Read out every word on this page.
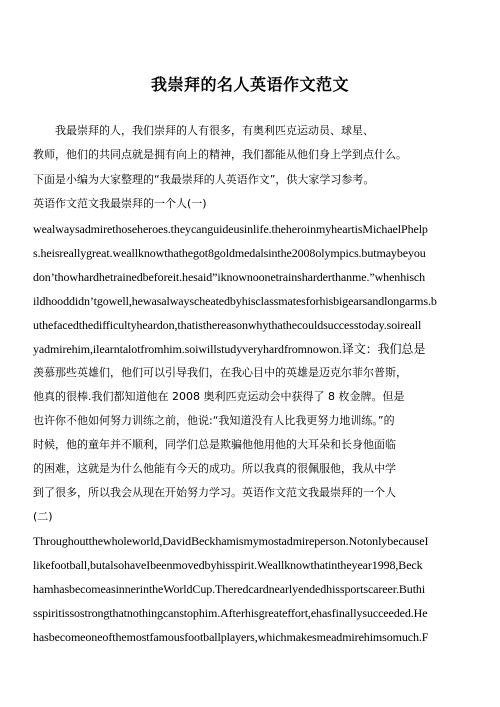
我崇拜的名人英语作文范文
　　我最崇拜的人，我们崇拜的人有很多，有奥利匹克运动员、球星、
教师，他们的共同点就是拥有向上的精神，我们都能从他们身上学到点什么。
下面是小编为大家整理的“我最崇拜的人英语作文”，供大家学习参考。
英语作文范文我最崇拜的一个人(一)
wealwaysadmirethoseheroes.theycanguideusinlife.theheroinmyheartisMichaelPhelp
s.heisreallygreat.weallknowthathegot8goldmedalsinthe2008olympics.butmaybeyou
don’thowhardhetrainedbeforeit.hesaid”iknownoonetrainsharderthanme.”whenhisch
ildhooddidn’tgowell,hewasalwayscheatedbyhisclassmatesforhisbigearsandlongarms.b
uthefacedthedifficultyheardon,thatisthereasonwhythathecouldsuccesstoday.soireall
yadmirehim,ilearntalotfromhim.soiwillstudyveryhardfromnowon.译文：我们总是
羡慕那些英雄们，他们可以引导我们，在我心目中的英雄是迈克尔菲尔普斯，
他真的很棒.我们都知道他在 2008 奥利匹克运动会中获得了 8 枚金牌。但是
也许你不他如何努力训练之前，他说:“我知道没有人比我更努力地训练。”的
时候，他的童年并不顺利，同学们总是欺骗他他用他的大耳朵和长身他面临
的困难，这就是为什么他能有今天的成功。所以我真的很佩服他，我从中学
到了很多，所以我会从现在开始努力学习。英语作文范文我最崇拜的一个人
(二)
Throughoutthewholeworld,DavidBeckhamismymostadmireperson.NotonlybecauseI
likefootball,butalsohaveIbeenmovedbyhisspirit.Weallknowthatintheyear1998,Beck
hamhasbecomeasinnerintheWorldCup.Theredcardnearlyendedhissportscareer.Buthi
sspiritissostrongthatnothingcanstophim.Afterhisgreateffort,ehasfinallysucceeded.He
hasbecomeoneofthemostfamousfootballplayers,whichmakesmeadmirehimsomuch.F
